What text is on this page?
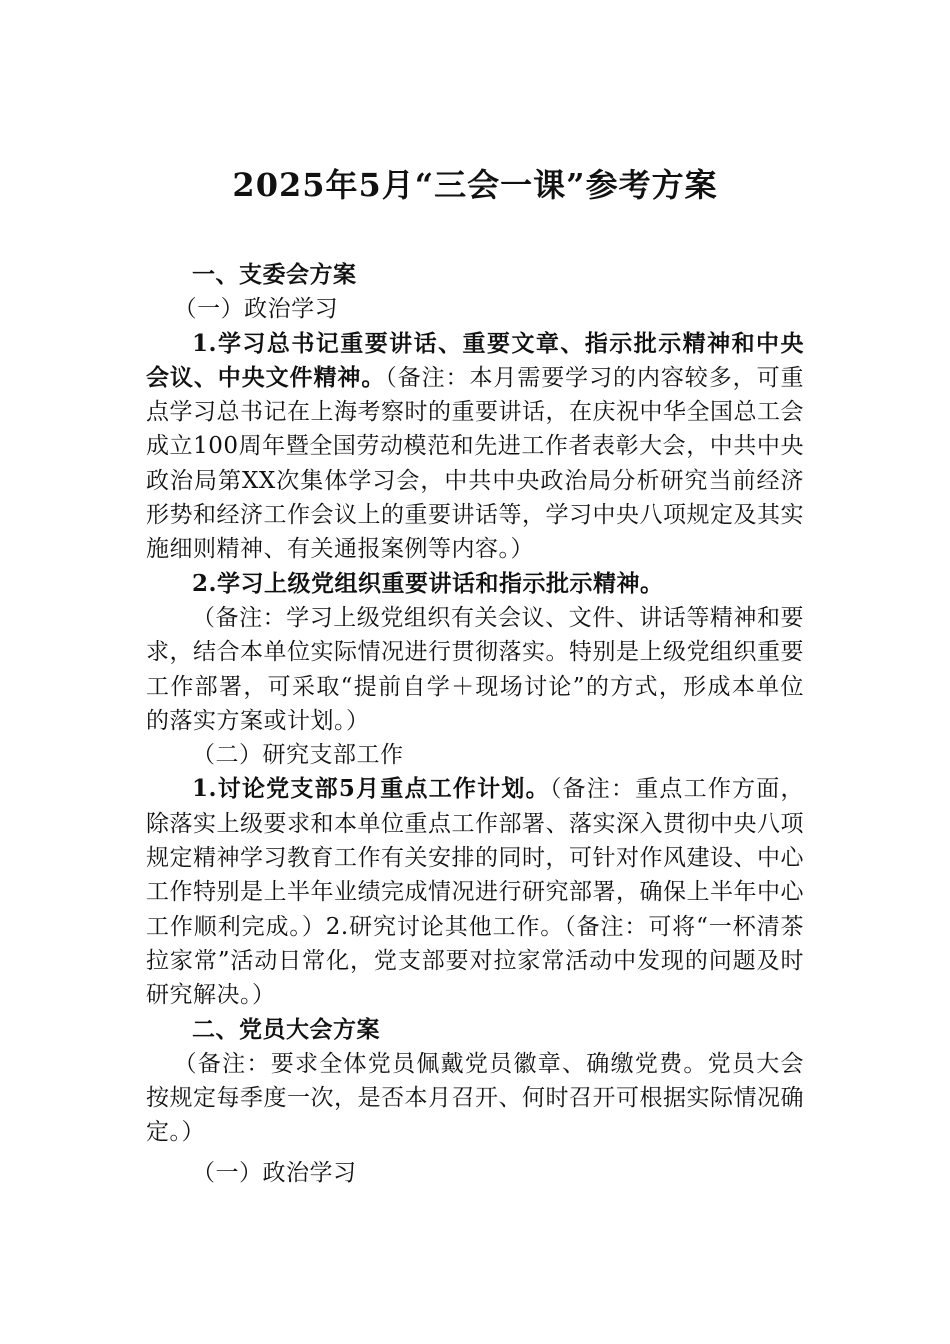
2025年5月“三会一课”参考方案

一、支委会方案

（一）政治学习

1.学习总书记重要讲话、重要文章、指示批示精神和中央会议、中央文件精神。（备注：本月需要学习的内容较多，可重点学习总书记在上海考察时的重要讲话，在庆祝中华全国总工会成立100周年暨全国劳动模范和先进工作者表彰大会，中共中央政治局第XX次集体学习会，中共中央政治局分析研究当前经济形势和经济工作会议上的重要讲话等，学习中央八项规定及其实施细则精神、有关通报案例等内容。）

2.学习上级党组织重要讲话和指示批示精神。

（备注：学习上级党组织有关会议、文件、讲话等精神和要求，结合本单位实际情况进行贯彻落实。特别是上级党组织重要工作部署，可采取“提前自学＋现场讨论”的方式，形成本单位的落实方案或计划。）

（二）研究支部工作

1.讨论党支部5月重点工作计划。（备注：重点工作方面，除落实上级要求和本单位重点工作部署、落实深入贯彻中央八项规定精神学习教育工作有关安排的同时，可针对作风建设、中心工作特别是上半年业绩完成情况进行研究部署，确保上半年中心工作顺利完成。）2.研究讨论其他工作。（备注：可将“一杯清茶拉家常”活动日常化，党支部要对拉家常活动中发现的问题及时研究解决。）

二、党员大会方案

（备注：要求全体党员佩戴党员徽章、确缴党费。党员大会按规定每季度一次，是否本月召开、何时召开可根据实际情况确定。）

（一）政治学习
